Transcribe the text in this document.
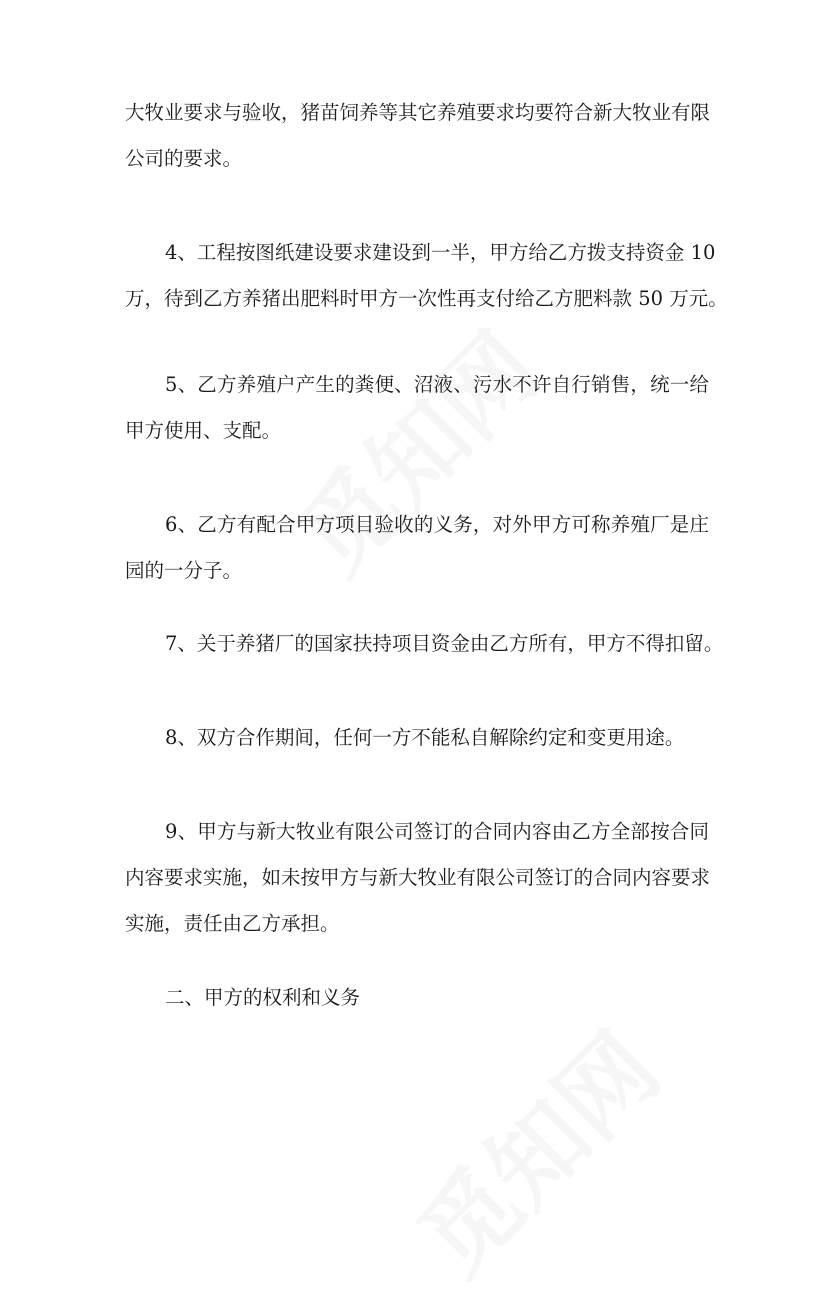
大牧业要求与验收，猪苗饲养等其它养殖要求均要符合新大牧业有限
公司的要求。
4、工程按图纸建设要求建设到一半，甲方给乙方拨支持资金 10
万，待到乙方养猪出肥料时甲方一次性再支付给乙方肥料款 50 万元。
5、乙方养殖户产生的粪便、沼液、污水不许自行销售，统一给
甲方使用、支配。
6、乙方有配合甲方项目验收的义务，对外甲方可称养殖厂是庄
园的一分子。
7、关于养猪厂的国家扶持项目资金由乙方所有，甲方不得扣留。
8、双方合作期间，任何一方不能私自解除约定和变更用途。
9、甲方与新大牧业有限公司签订的合同内容由乙方全部按合同
内容要求实施，如未按甲方与新大牧业有限公司签订的合同内容要求
实施，责任由乙方承担。
二、甲方的权利和义务
